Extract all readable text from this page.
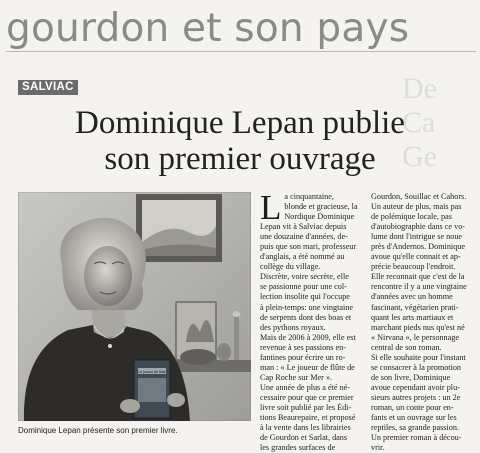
gourdon et son pays
De
Ca
Ge
SALVIAC
Dominique Lepan publie
son premier ouvrage
Le joueur de flûte
Dominique Lepan présente son premier livre.
L a cinquantaine,
blonde et gracieuse, la
Nordique Dominique
Lepan vit à Salviac depuis
une douzaine d'années, de-
puis que son mari, professeur
d'anglais, a été nommé au
collège du village.
Discrète, voire secrète, elle
se passionne pour une col-
lection insolite qui l'occupe
à plein-temps: une vingtaine
de serpents dont des boas et
des pythons royaux.
Mais de 2006 à 2009, elle est
revenue à ses passions en-
fantines pour écrire un ro-
man : « Le joueur de flûte de
Cap Roche sur Mer ».
Une année de plus a été né-
cessaire pour que ce premier
livre soit publié par les Édi-
tions Beaurepaire, et proposé
à la vente dans les librairies
de Gourdon et Sarlat, dans
les grandes surfaces de
Gourdon, Souillac et Cahors.
Un auteur de plus, mais pas
de polémique locale, pas
d'autobiographie dans ce vo-
lume dont l'intrigue se noue
près d'Andernos. Dominique
avoue qu'elle connait et ap-
précie beaucoup l'endroit.
Elle reconnait que c'est de la
rencontre il y a une vingtaine
d'années avec un homme
fascinant, végétarien prati-
quant les arts martiaux et
marchant pieds nus qu'est né
« Nirvana », le personnage
central de son roman.
Si elle souhaite pour l'instant
se consacrer à la promotion
de son livre, Dominique
avoue cependant avoir plu-
sieurs autres projets : un 2e
roman, un conte pour en-
fants et un ouvrage sur les
reptiles, sa grande passion.
Un premier roman à décou-
vrir.
